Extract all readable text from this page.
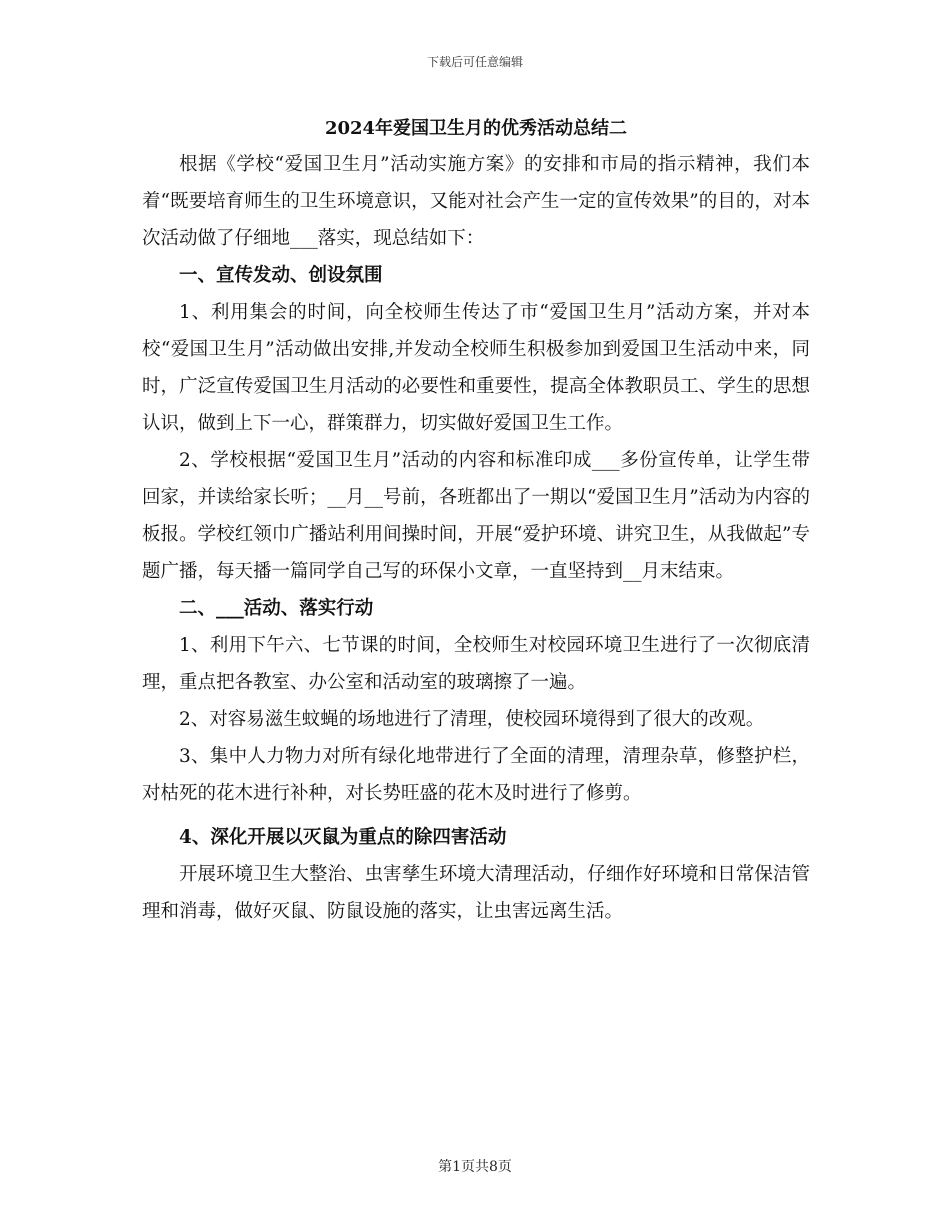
下载后可任意编辑

2024年爱国卫生月的优秀活动总结二

根据《学校“爱国卫生月”活动实施方案》的安排和市局的指示精神，我们本着“既要培育师生的卫生环境意识，又能对社会产生一定的宣传效果”的目的，对本次活动做了仔细地___落实，现总结如下：

一、宣传发动、创设氛围

1、利用集会的时间，向全校师生传达了市“爱国卫生月”活动方案，并对本校“爱国卫生月”活动做出安排,并发动全校师生积极参加到爱国卫生活动中来，同时，广泛宣传爱国卫生月活动的必要性和重要性，提高全体教职员工、学生的思想认识，做到上下一心，群策群力，切实做好爱国卫生工作。

2、学校根据“爱国卫生月”活动的内容和标准印成___多份宣传单，让学生带回家，并读给家长听；__月__号前，各班都出了一期以“爱国卫生月”活动为内容的板报。学校红领巾广播站利用间操时间，开展“爱护环境、讲究卫生，从我做起”专题广播，每天播一篇同学自己写的环保小文章，一直坚持到__月末结束。

二、___活动、落实行动

1、利用下午六、七节课的时间，全校师生对校园环境卫生进行了一次彻底清理，重点把各教室、办公室和活动室的玻璃擦了一遍。

2、对容易滋生蚊蝇的场地进行了清理，使校园环境得到了很大的改观。

3、集中人力物力对所有绿化地带进行了全面的清理，清理杂草，修整护栏，对枯死的花木进行补种，对长势旺盛的花木及时进行了修剪。

4、深化开展以灭鼠为重点的除四害活动

开展环境卫生大整治、虫害孳生环境大清理活动，仔细作好环境和日常保洁管理和消毒，做好灭鼠、防鼠设施的落实，让虫害远离生活。

第1页共8页
